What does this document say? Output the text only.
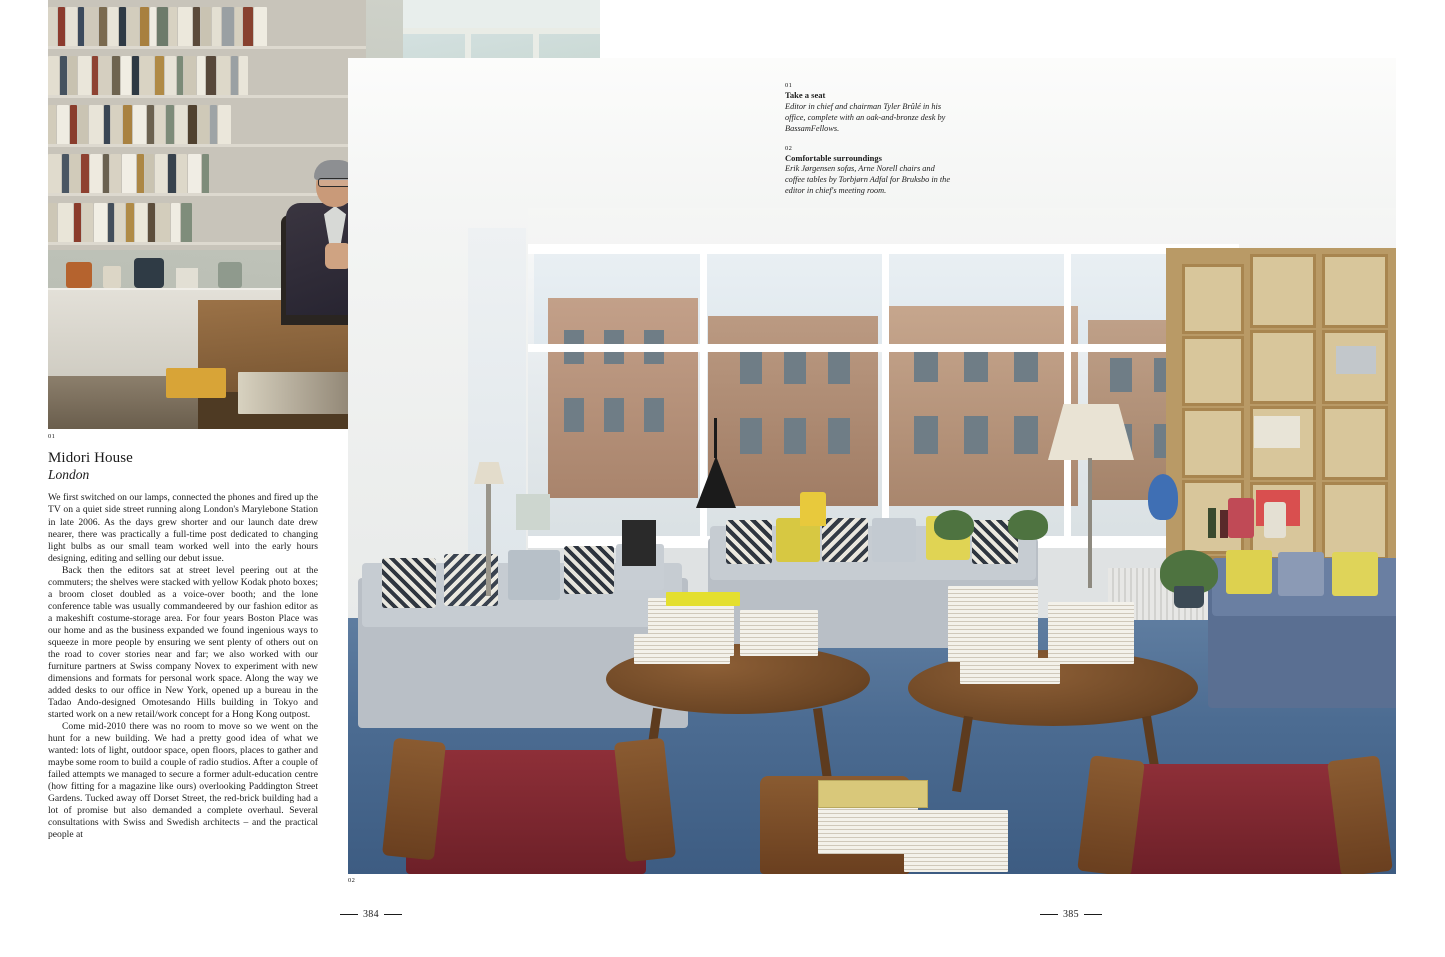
01
Take a seat
Editor in chief and chairman Tyler Brûlé in his office, complete with an oak-and-bronze desk by BassamFellows.
02
Comfortable surroundings
Erik Jørgensen sofas, Arne Norell chairs and coffee tables by Torbjørn Adfal for Bruksbo in the editor in chief's meeting room.
01
02
Midori House
London

We first switched on our lamps, connected the phones and fired up the TV on a quiet side street running along London's Marylebone Station in late 2006. As the days grew shorter and our launch date drew nearer, there was practically a full-time post dedicated to changing light bulbs as our small team worked well into the early hours designing, editing and selling our debut issue.

Back then the editors sat at street level peering out at the commuters; the shelves were stacked with yellow Kodak photo boxes; a broom closet doubled as a voice-over booth; and the lone conference table was usually commandeered by our fashion editor as a makeshift costume-storage area. For four years Boston Place was our home and as the business expanded we found ingenious ways to squeeze in more people by ensuring we sent plenty of others out on the road to cover stories near and far; we also worked with our furniture partners at Swiss company Novex to experiment with new dimensions and formats for personal work space. Along the way we added desks to our office in New York, opened up a bureau in the Tadao Ando-designed Omotesando Hills building in Tokyo and started work on a new retail/work concept for a Hong Kong outpost.

Come mid-2010 there was no room to move so we went on the hunt for a new building. We had a pretty good idea of what we wanted: lots of light, outdoor space, open floors, places to gather and maybe some room to build a couple of radio studios. After a couple of failed attempts we managed to secure a former adult-education centre (how fitting for a magazine like ours) overlooking Paddington Street Gardens. Tucked away off Dorset Street, the red-brick building had a lot of promise but also demanded a complete overhaul. Several consultations with Swiss and Swedish architects – and the practical people at

384	385
